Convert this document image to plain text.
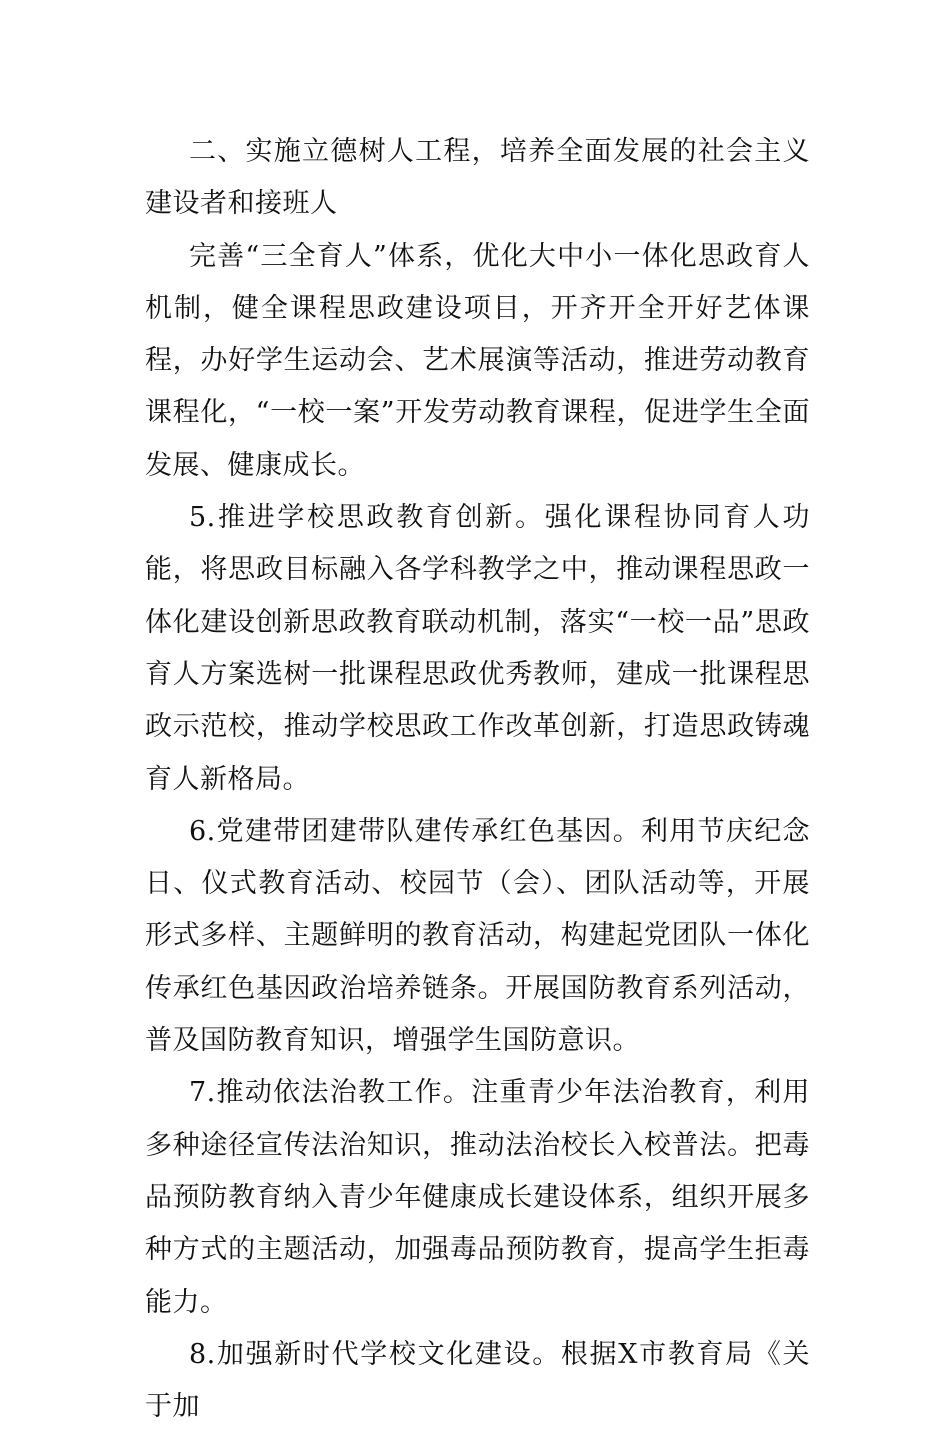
二、实施立德树人工程，培养全面发展的社会主义建设者和接班人

完善“三全育人”体系，优化大中小一体化思政育人机制，健全课程思政建设项目，开齐开全开好艺体课程，办好学生运动会、艺术展演等活动，推进劳动教育课程化，“一校一案”开发劳动教育课程，促进学生全面发展、健康成长。

5.推进学校思政教育创新。强化课程协同育人功能，将思政目标融入各学科教学之中，推动课程思政一体化建设创新思政教育联动机制，落实“一校一品”思政育人方案选树一批课程思政优秀教师，建成一批课程思政示范校，推动学校思政工作改革创新，打造思政铸魂育人新格局。

6.党建带团建带队建传承红色基因。利用节庆纪念日、仪式教育活动、校园节（会）、团队活动等，开展形式多样、主题鲜明的教育活动，构建起党团队一体化传承红色基因政治培养链条。开展国防教育系列活动，普及国防教育知识，增强学生国防意识。

7.推动依法治教工作。注重青少年法治教育，利用多种途径宣传法治知识，推动法治校长入校普法。把毒品预防教育纳入青少年健康成长建设体系，组织开展多种方式的主题活动，加强毒品预防教育，提高学生拒毒能力。

8.加强新时代学校文化建设。根据X市教育局《关于加
